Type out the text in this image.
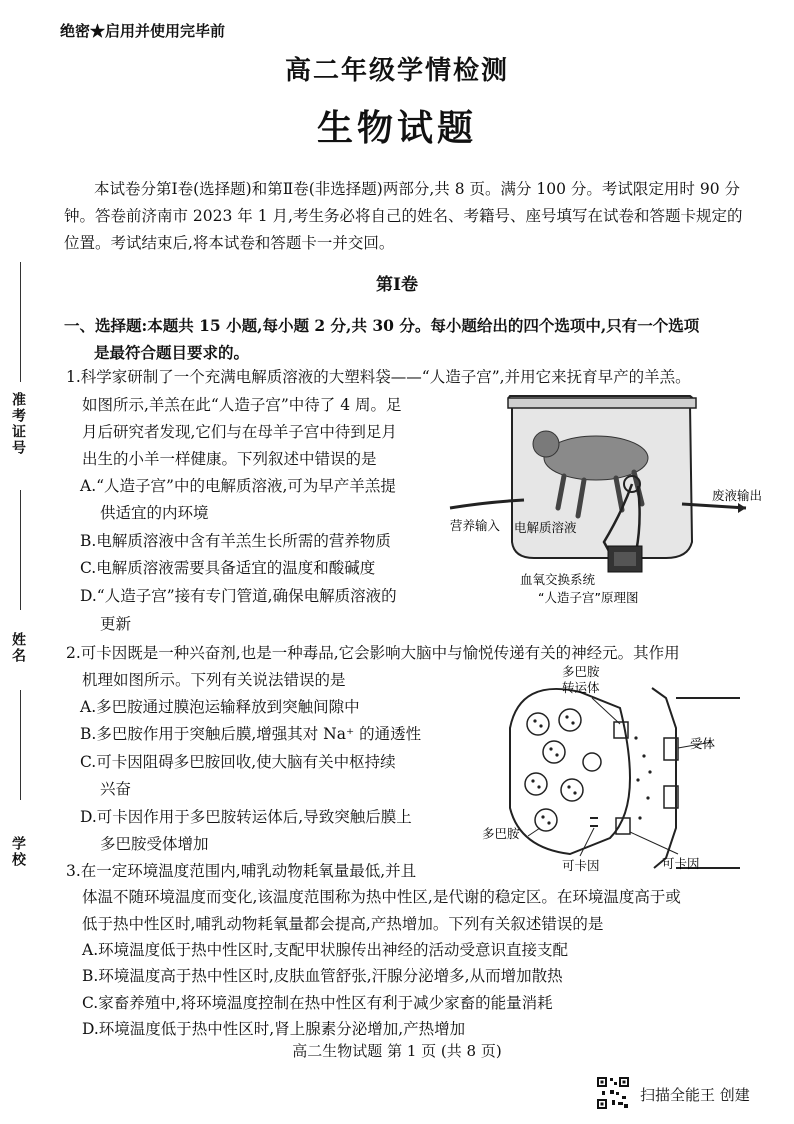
绝密★启用并使用完毕前
高二年级学情检测
生物试题
本试卷分第Ⅰ卷(选择题)和第Ⅱ卷(非选择题)两部分,共 8 页。满分 100 分。考试限定用时 90 分钟。答卷前济南市 2023 年 1 月,考生务必将自己的姓名、考籍号、座号填写在试卷和答题卡规定的位置。考试结束后,将本试卷和答题卡一并交回。
第Ⅰ卷
一、选择题:本题共 15 小题,每小题 2 分,共 30 分。每小题给出的四个选项中,只有一个选项
是最符合题目要求的。
准考证号
姓名
学校
1.科学家研制了一个充满电解质溶液的大塑料袋——“人造子宫”,并用它来抚育早产的羊羔。
如图所示,羊羔在此“人造子宫”中待了 4 周。足
月后研究者发现,它们与在母羊子宫中待到足月
出生的小羊一样健康。下列叙述中错误的是
A.“人造子宫”中的电解质溶液,可为早产羊羔提
供适宜的内环境
B.电解质溶液中含有羊羔生长所需的营养物质
C.电解质溶液需要具备适宜的温度和酸碱度
D.“人造子宫”接有专门管道,确保电解质溶液的
更新
废液输出
营养输入 电解质溶液
血氧交换系统
“人造子宫”原理图
2.可卡因既是一种兴奋剂,也是一种毒品,它会影响大脑中与愉悦传递有关的神经元。其作用
机理如图所示。下列有关说法错误的是
A.多巴胺通过膜泡运输释放到突触间隙中
B.多巴胺作用于突触后膜,增强其对 Na⁺ 的通透性
C.可卡因阻碍多巴胺回收,使大脑有关中枢持续
兴奋
D.可卡因作用于多巴胺转运体后,导致突触后膜上
多巴胺受体增加
多巴胺
转运体
受体
多巴胺
可卡因	可卡因
3.在一定环境温度范围内,哺乳动物耗氧量最低,并且
体温不随环境温度而变化,该温度范围称为热中性区,是代谢的稳定区。在环境温度高于或
低于热中性区时,哺乳动物耗氧量都会提高,产热增加。下列有关叙述错误的是
A.环境温度低于热中性区时,支配甲状腺传出神经的活动受意识直接支配
B.环境温度高于热中性区时,皮肤血管舒张,汗腺分泌增多,从而增加散热
C.家畜养殖中,将环境温度控制在热中性区有利于减少家畜的能量消耗
D.环境温度低于热中性区时,肾上腺素分泌增加,产热增加
高二生物试题 第 1 页 (共 8 页)
扫描全能王 创建
